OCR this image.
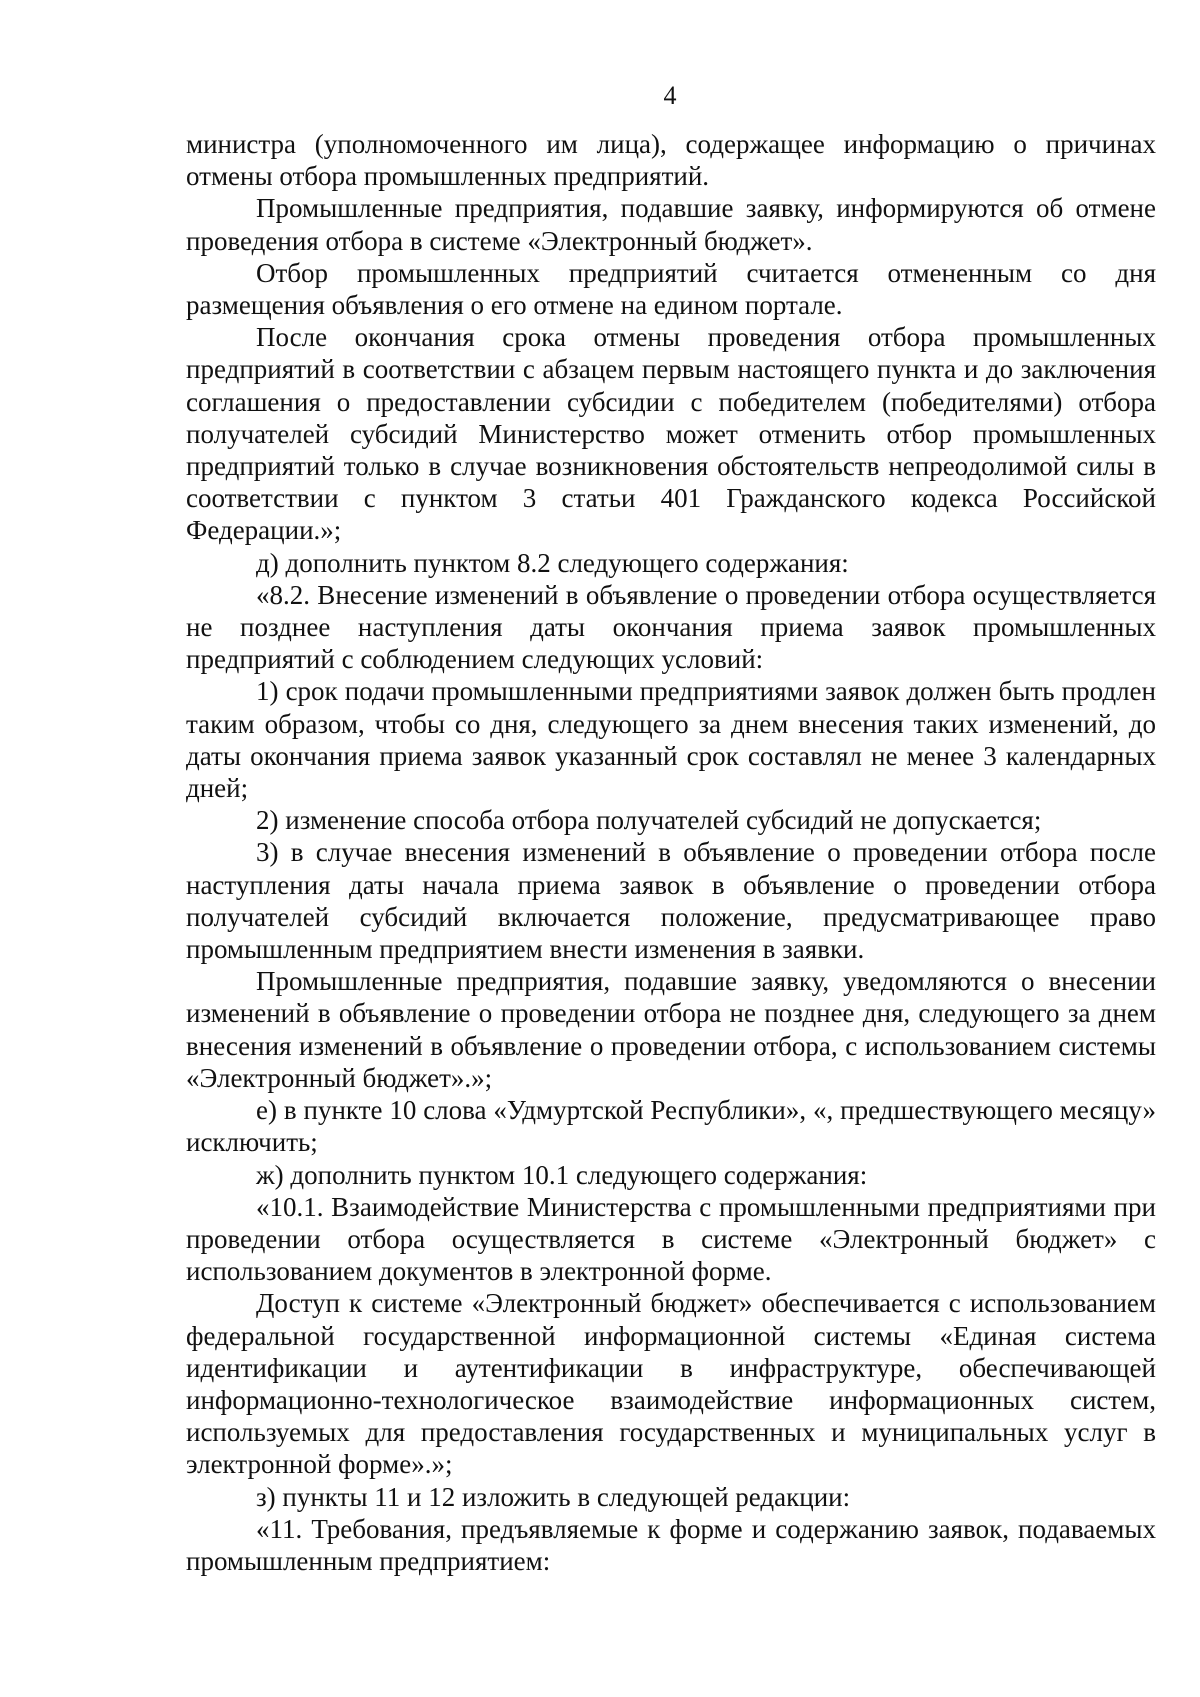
4

министра (уполномоченного им лица), содержащее информацию о причинах отмены отбора промышленных предприятий.

Промышленные предприятия, подавшие заявку, информируются об отмене проведения отбора в системе «Электронный бюджет».

Отбор промышленных предприятий считается отмененным со дня размещения объявления о его отмене на едином портале.

После окончания срока отмены проведения отбора промышленных предприятий в соответствии с абзацем первым настоящего пункта и до заключения соглашения о предоставлении субсидии с победителем (победителями) отбора получателей субсидий Министерство может отменить отбор промышленных предприятий только в случае возникновения обстоятельств непреодолимой силы в соответствии с пунктом 3 статьи 401 Гражданского кодекса Российской Федерации.»;

д) дополнить пунктом 8.2 следующего содержания:

«8.2. Внесение изменений в объявление о проведении отбора осуществляется не позднее наступления даты окончания приема заявок промышленных предприятий с соблюдением следующих условий:

1) срок подачи промышленными предприятиями заявок должен быть продлен таким образом, чтобы со дня, следующего за днем внесения таких изменений, до даты окончания приема заявок указанный срок составлял не менее 3 календарных дней;

2) изменение способа отбора получателей субсидий не допускается;

3) в случае внесения изменений в объявление о проведении отбора после наступления даты начала приема заявок в объявление о проведении отбора получателей субсидий включается положение, предусматривающее право промышленным предприятием внести изменения в заявки.

Промышленные предприятия, подавшие заявку, уведомляются о внесении изменений в объявление о проведении отбора не позднее дня, следующего за днем внесения изменений в объявление о проведении отбора, с использованием системы «Электронный бюджет».»;

е) в пункте 10 слова «Удмуртской Республики», «, предшествующего месяцу» исключить;

ж) дополнить пунктом 10.1 следующего содержания:

«10.1. Взаимодействие Министерства с промышленными предприятиями при проведении отбора осуществляется в системе «Электронный бюджет» с использованием документов в электронной форме.

Доступ к системе «Электронный бюджет» обеспечивается с использованием федеральной государственной информационной системы «Единая система идентификации и аутентификации в инфраструктуре, обеспечивающей информационно-технологическое взаимодействие информационных систем, используемых для предоставления государственных и муниципальных услуг в электронной форме».»;

з) пункты 11 и 12 изложить в следующей редакции:

«11. Требования, предъявляемые к форме и содержанию заявок, подаваемых промышленным предприятием:
